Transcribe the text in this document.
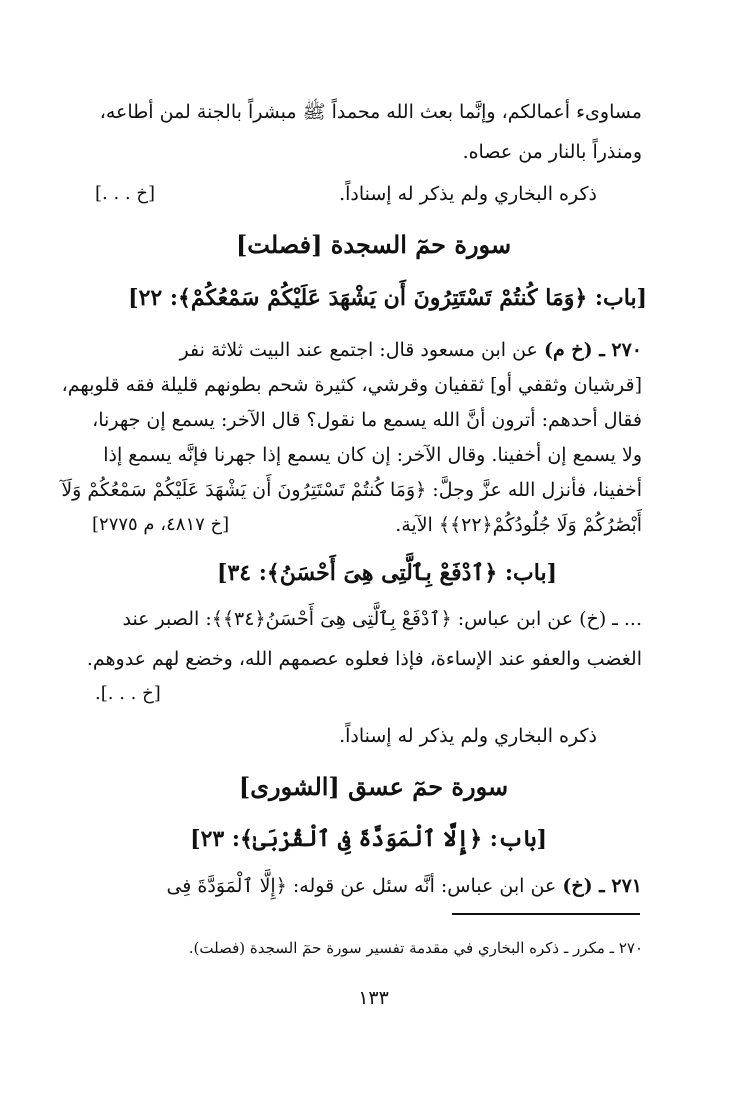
مساوىء أعمالكم، وإنَّما بعث الله محمداً ﷺ مبشراً بالجنة لمن أطاعه،
ومنذراً بالنار من عصاه.
ذكره البخاري ولم يذكر له إسناداً.
[خ . . .]
سورة حمٓ السجدة [فصلت]
[باب: ﴿وَمَا كُنتُمْ تَسْتَتِرُونَ أَن يَشْهَدَ عَلَيْكُمْ سَمْعُكُمْ﴾: ٢٢]
٢٧٠ ـ (خ م) عن ابن مسعود قال: اجتمع عند البيت ثلاثة نفر
[قرشيان وثقفي أو] ثقفيان وقرشي، كثيرة شحم بطونهم قليلة فقه قلوبهم،
فقال أحدهم: أترون أنَّ الله يسمع ما نقول؟ قال الآخر: يسمع إن جهرنا،
ولا يسمع إن أخفينا. وقال الآخر: إن كان يسمع إذا جهرنا فإنَّه يسمع إذا
أخفينا، فأنزل الله عزَّ وجلَّ: ﴿وَمَا كُنتُمْ تَسْتَتِرُونَ أَن يَشْهَدَ عَلَيْكُمْ سَمْعُكُمْ وَلَآ
أَبْصَٰرُكُمْ وَلَا جُلُودُكُمْ﴿٢٢﴾﴾ الآية.
[خ ٤٨١٧، م ٢٧٧٥]
[باب: ﴿ٱدْفَعْ بِٱلَّتِى هِىَ أَحْسَنُ﴾: ٣٤]
... ـ (خ) عن ابن عباس: ﴿ٱدْفَعْ بِٱلَّتِى هِىَ أَحْسَنُ﴿٣٤﴾﴾: الصبر عند
الغضب والعفو عند الإساءة، فإذا فعلوه عصمهم الله، وخضع لهم عدوهم.
[خ . . .].
ذكره البخاري ولم يذكر له إسناداً.
سورة حمٓ عسق [الشورى]
[باب: ﴿إِلَّا ٱلْمَوَدَّةَ فِى ٱلْقُرْبَىٰ﴾: ٢٣]
٢٧١ ـ (خ) عن ابن عباس: أنَّه سئل عن قوله: ﴿إِلَّا ٱلْمَوَدَّةَ فِى
٢٧٠ ـ مكرر ـ ذكره البخاري في مقدمة تفسير سورة حمٓ السجدة (فصلت).
١٣٣
